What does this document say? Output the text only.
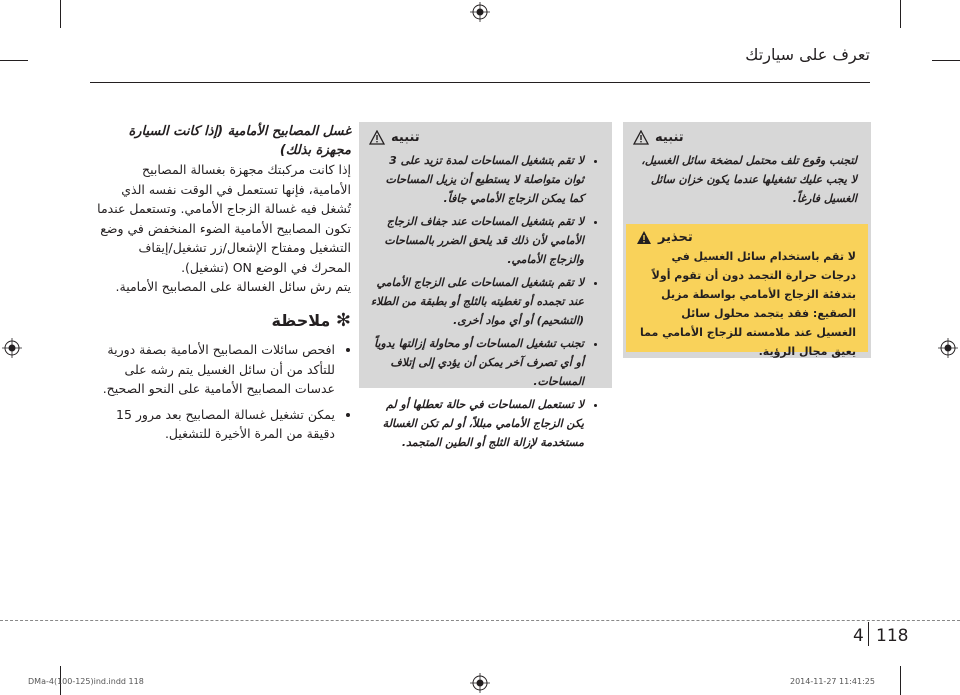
تعرف على سيارتك

غسل المصابيح الأمامية (إذا كانت السيارة مجهزة بذلك)

إذا كانت مركبتك مجهزة بغسالة المصابيح الأمامية، فإنها تستعمل في الوقت نفسه الذي تُشغل فيه غسالة الزجاج الأمامي. وتستعمل عندما تكون المصابيح الأمامية الضوء المنخفض في وضع التشغيل ومفتاح الإشعال/زر تشغيل/إيقاف المحرك في الوضع ON (تشغيل).

يتم رش سائل الغسالة على المصابيح الأمامية.

✻ ملاحظة
• افحص سائلات المصابيح الأمامية بصفة دورية للتأكد من أن سائل الغسيل يتم رشه على عدسات المصابيح الأمامية على النحو الصحيح.
• يمكن تشغيل غسالة المصابيح بعد مرور 15 دقيقة من المرة الأخيرة للتشغيل.
تنبيه
• لا تقم بتشغيل المساحات لمدة تزيد على 3 ثوان متواصلة لا يستطيع أن يزيل المساحات كما يمكن الزجاج الأمامي جافاً.
• لا تقم بتشغيل المساحات عند جفاف الزجاج الأمامي لأن ذلك قد يلحق الضرر بالمساحات والزجاج الأمامي.
• لا تقم بتشغيل المساحات على الزجاج الأمامي عند تجمده أو تغطيته بالثلج أو بطبقة من الطلاء (التشحيم) أو أي مواد أخرى.
• تجنب تشغيل المساحات أو محاولة إزالتها يدوياً أو أي تصرف آخر يمكن أن يؤدي إلى إتلاف المساحات.
• لا تستعمل المساحات في حالة تعطلها أو لم يكن الزجاج الأمامي مبللاً، أو لم تكن الغسالة مستخدمة لإزالة الثلج أو الطين المتجمد.
تنبيه
لتجنب وقوع تلف محتمل لمضخة سائل الغسيل، لا يجب عليك تشغيلها عندما يكون خزان سائل الغسيل فارغاً.
تحذير
لا تقم باستخدام سائل الغسيل في درجات حرارة التجمد دون أن تقوم أولاً بتدفئة الزجاج الأمامي بواسطة مزيل الصقيع: فقد يتجمد محلول سائل الغسيل عند ملامسته للزجاج الأمامي مما يعيق مجال الرؤية.
4 118
DMa-4(100-125)ind.indd 118	2014-11-27 11:41:25
